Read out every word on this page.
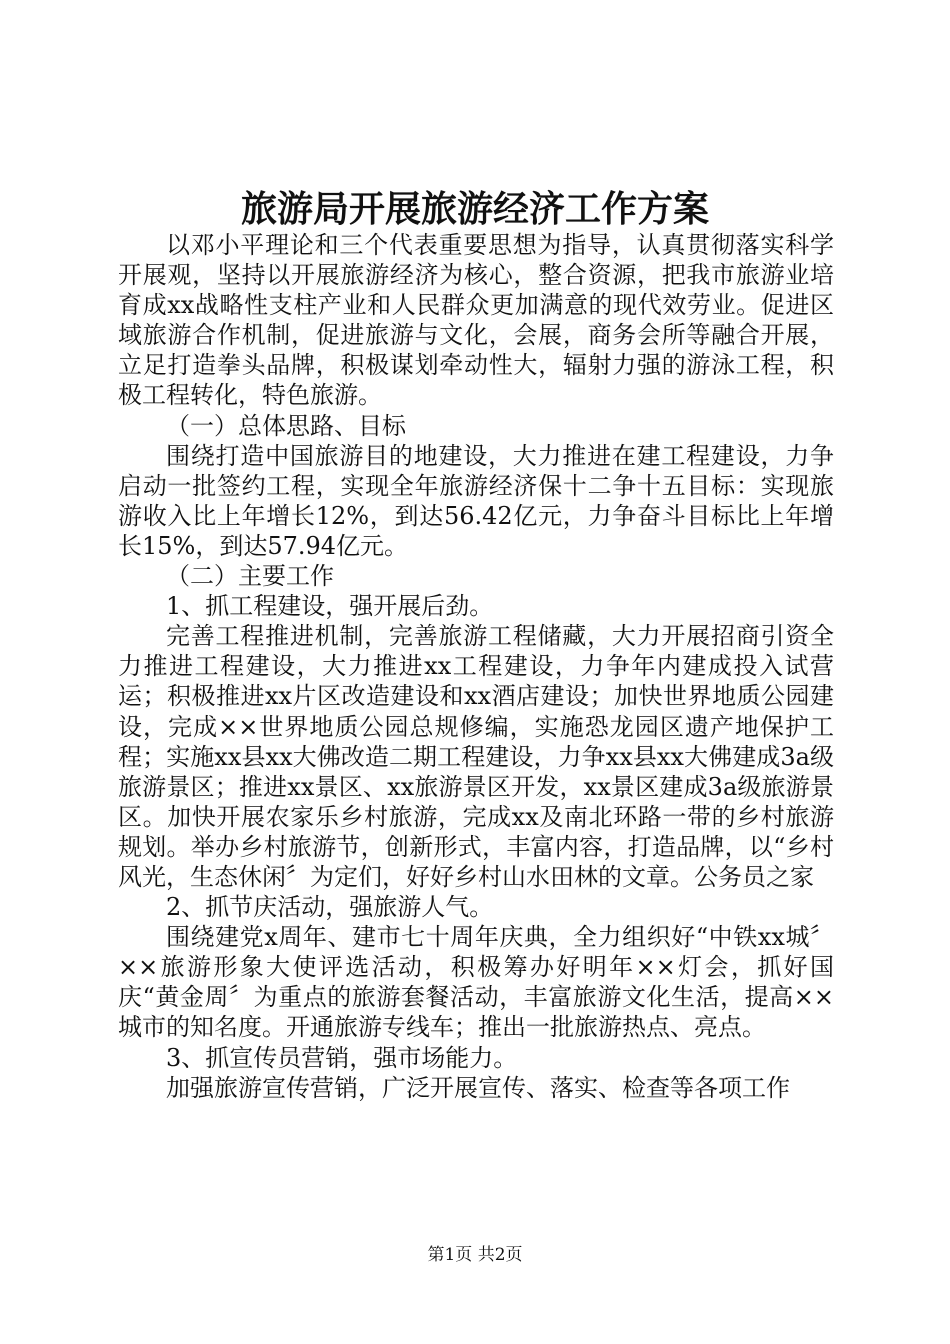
旅游局开展旅游经济工作方案

以邓小平理论和三个代表重要思想为指导，认真贯彻落实科学开展观，坚持以开展旅游经济为核心，整合资源，把我市旅游业培育成xx战略性支柱产业和人民群众更加满意的现代效劳业。促进区域旅游合作机制，促进旅游与文化，会展，商务会所等融合开展，立足打造拳头品牌，积极谋划牵动性大，辐射力强的游泳工程，积极工程转化，特色旅游。

（一）总体思路、目标

围绕打造中国旅游目的地建设，大力推进在建工程建设，力争启动一批签约工程，实现全年旅游经济保十二争十五目标：实现旅游收入比上年增长12%，到达56.42亿元，力争奋斗目标比上年增长15%，到达57.94亿元。

（二）主要工作

1、抓工程建设，强开展后劲。

完善工程推进机制，完善旅游工程储藏，大力开展招商引资全力推进工程建设，大力推进xx工程建设，力争年内建成投入试营运；积极推进xx片区改造建设和xx酒店建设；加快世界地质公园建设，完成××世界地质公园总规修编，实施恐龙园区遗产地保护工程；实施xx县xx大佛改造二期工程建设，力争xx县xx大佛建成3a级旅游景区；推进xx景区、xx旅游景区开发，xx景区建成3a级旅游景区。加快开展农家乐乡村旅游，完成xx及南北环路一带的乡村旅游规划。举办乡村旅游节，创新形式，丰富内容，打造品牌，以“乡村风光，生态休闲〞为定们，好好乡村山水田林的文章。公务员之家

2、抓节庆活动，强旅游人气。

围绕建党x周年、建市七十周年庆典，全力组织好“中铁xx城〞××旅游形象大使评选活动，积极筹办好明年××灯会，抓好国庆“黄金周〞为重点的旅游套餐活动，丰富旅游文化生活，提高××城市的知名度。开通旅游专线车；推出一批旅游热点、亮点。

3、抓宣传员营销，强市场能力。

加强旅游宣传营销，广泛开展宣传、落实、检查等各项工作

第1页 共2页
